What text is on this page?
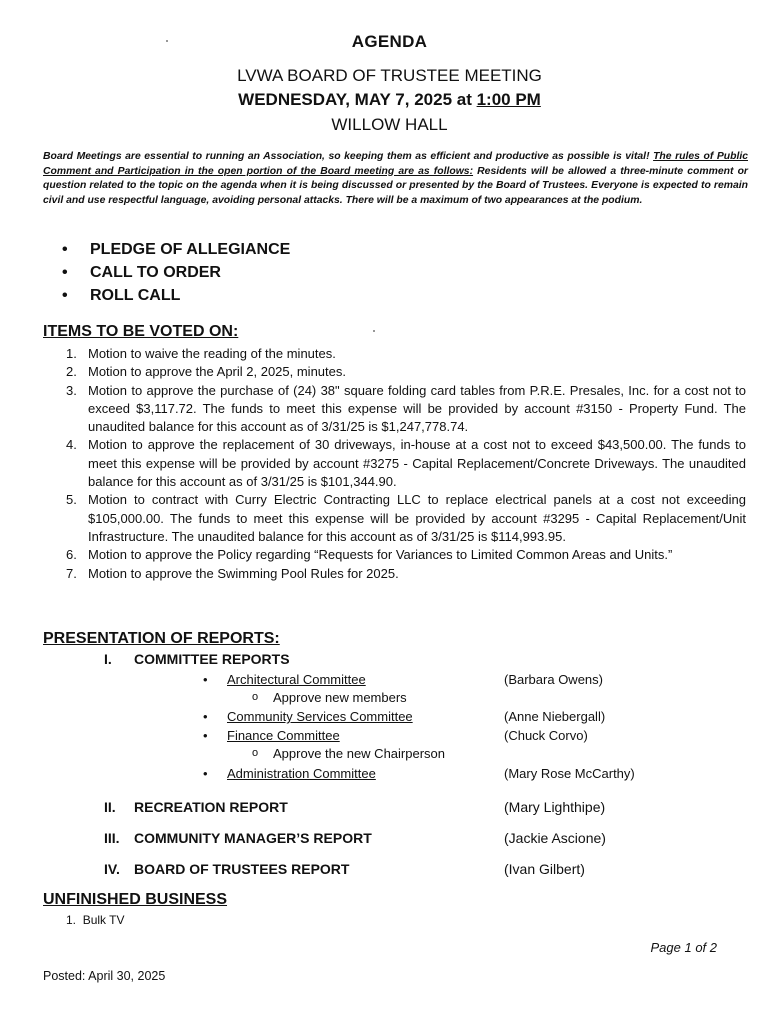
AGENDA
LVWA BOARD OF TRUSTEE MEETING
WEDNESDAY, MAY 7, 2025 at 1:00 PM
WILLOW HALL
Board Meetings are essential to running an Association, so keeping them as efficient and productive as possible is vital! The rules of Public Comment and Participation in the open portion of the Board meeting are as follows: Residents will be allowed a three-minute comment or question related to the topic on the agenda when it is being discussed or presented by the Board of Trustees. Everyone is expected to remain civil and use respectful language, avoiding personal attacks. There will be a maximum of two appearances at the podium.
• PLEDGE OF ALLEGIANCE
• CALL TO ORDER
• ROLL CALL
ITEMS TO BE VOTED ON:
1. Motion to waive the reading of the minutes.
2. Motion to approve the April 2, 2025, minutes.
3. Motion to approve the purchase of (24) 38" square folding card tables from P.R.E. Presales, Inc. for a cost not to exceed $3,117.72. The funds to meet this expense will be provided by account #3150 - Property Fund. The unaudited balance for this account as of 3/31/25 is $1,247,778.74.
4. Motion to approve the replacement of 30 driveways, in-house at a cost not to exceed $43,500.00. The funds to meet this expense will be provided by account #3275 - Capital Replacement/Concrete Driveways. The unaudited balance for this account as of 3/31/25 is $101,344.90.
5. Motion to contract with Curry Electric Contracting LLC to replace electrical panels at a cost not exceeding $105,000.00. The funds to meet this expense will be provided by account #3295 - Capital Replacement/Unit Infrastructure. The unaudited balance for this account as of 3/31/25 is $114,993.95.
6. Motion to approve the Policy regarding “Requests for Variances to Limited Common Areas and Units.”
7. Motion to approve the Swimming Pool Rules for 2025.
PRESENTATION OF REPORTS:
I. COMMITTEE REPORTS
• Architectural Committee	(Barbara Owens)
o Approve new members
• Community Services Committee	(Anne Niebergall)
• Finance Committee	(Chuck Corvo)
o Approve the new Chairperson
• Administration Committee	(Mary Rose McCarthy)
II. RECREATION REPORT	(Mary Lighthipe)
III. COMMUNITY MANAGER’S REPORT	(Jackie Ascione)
IV. BOARD OF TRUSTEES REPORT	(Ivan Gilbert)
UNFINISHED BUSINESS
1. Bulk TV
Page 1 of 2
Posted: April 30, 2025
